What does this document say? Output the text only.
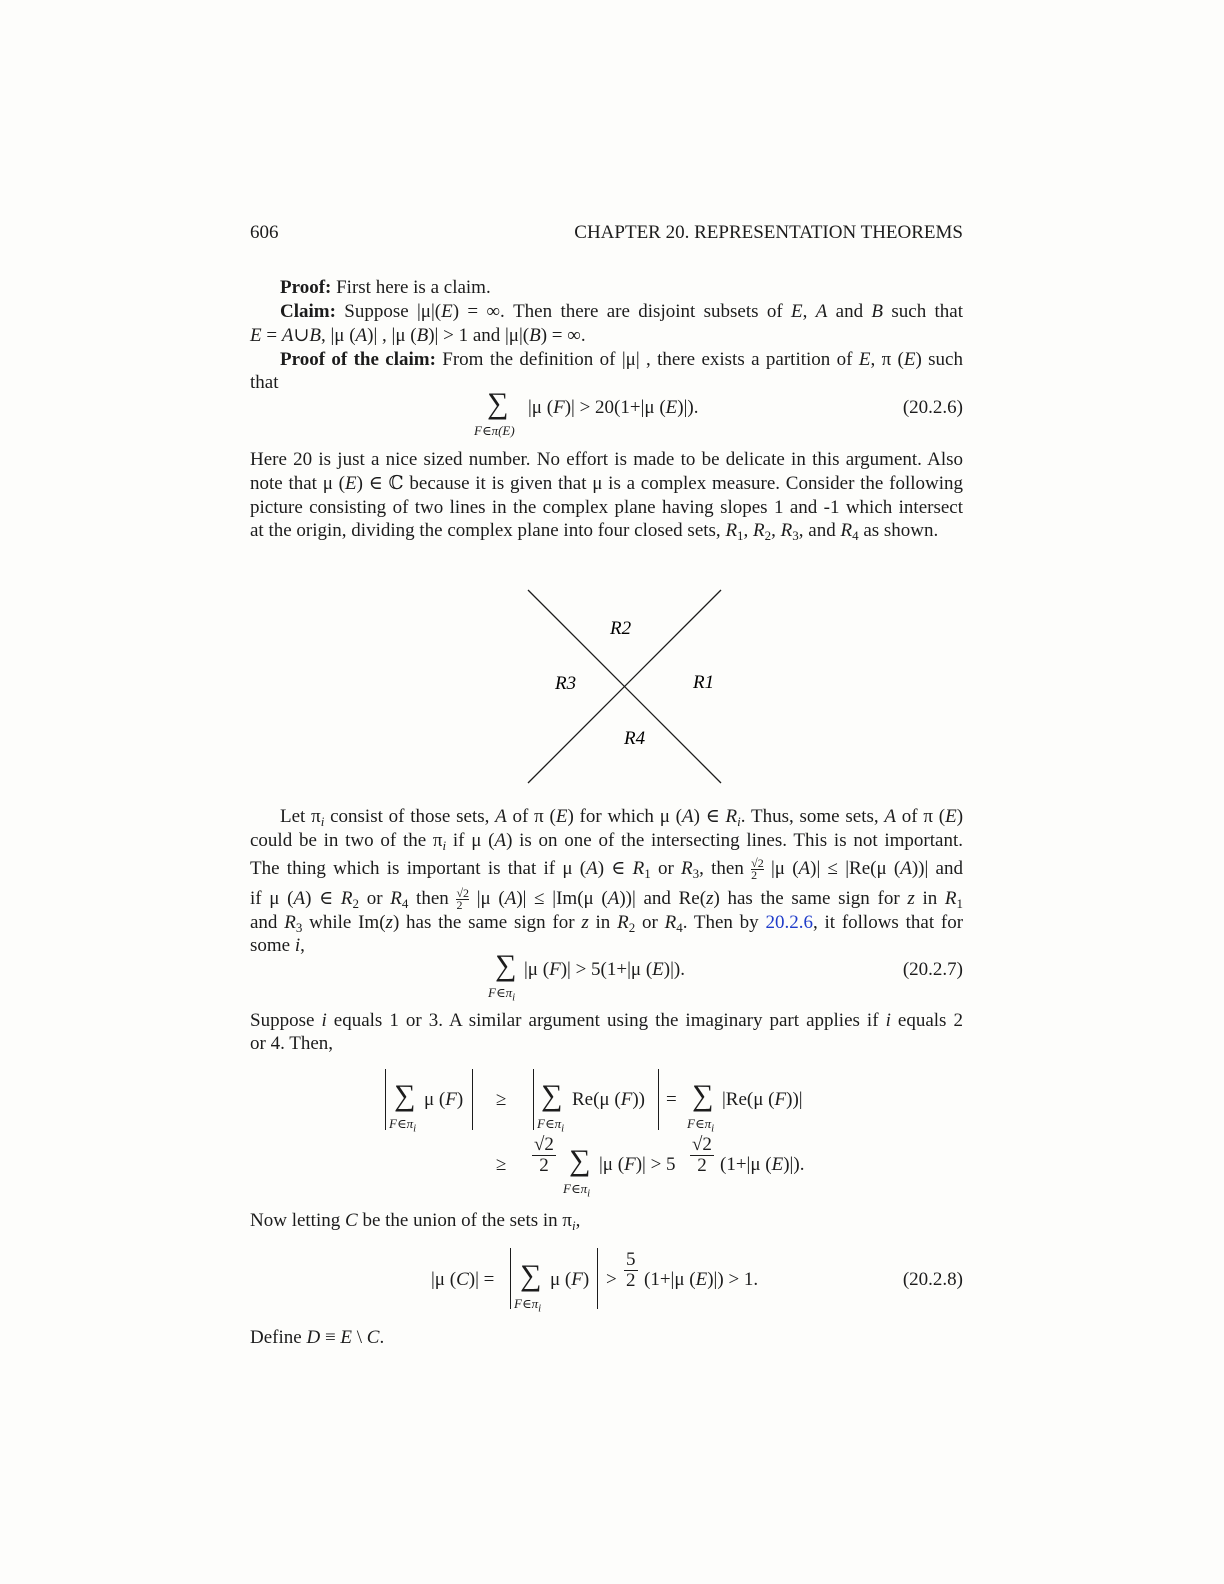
606	CHAPTER 20. REPRESENTATION THEOREMS
Proof: First here is a claim.
Claim: Suppose |μ|(E) = ∞. Then there are disjoint subsets of E, A and B such that
E = A∪B, |μ (A)| , |μ (B)| > 1 and |μ|(B) = ∞.
Proof of the claim: From the definition of |μ| , there exists a partition of E, π (E) such
that
∑
F∈π(E)
|μ (F)| > 20(1+|μ (E)|).	(20.2.6)
Here 20 is just a nice sized number. No effort is made to be delicate in this argument. Also
note that μ (E) ∈ ℂ because it is given that μ is a complex measure. Consider the following
picture consisting of two lines in the complex plane having slopes 1 and -1 which intersect
at the origin, dividing the complex plane into four closed sets, $R_1$, $R_2$, $R_3$, and $R_4$ as shown.
R2
R3	R1
R4
Let $\pi_i$ consist of those sets, A of π (E) for which μ (A) ∈ $R_i$. Thus, some sets, A of π (E)
could be in two of the $\pi_i$ if μ (A) is on one of the intersecting lines. This is not important.
The thing which is important is that if μ (A) ∈ $R_1$ or $R_3$, then $\frac{√2}{2} |\mu$ (A)| ≤ |Re(μ (A))| and
if μ (A) ∈ $R_2$ or $R_4$ then $\frac{√2}{2} |\mu$ (A)| ≤ |Im(μ (A))| and Re(z) has the same sign for z in $R_1$
and $R_3$ while Im(z) has the same sign for z in $R_2$ or $R_4$. Then by 20.2.6, it follows that for
some i,
∑
$F\in\pi_i$
|μ (F)| > 5(1+|μ (E)|).	(20.2.7)
Suppose i equals 1 or 3. A similar argument using the imaginary part applies if i equals 2
or 4. Then,
∑ μ (F)
$F\in\pi_i$
≥ ∑ Re(μ (F))
$F\in\pi_i$
= ∑ |Re(μ (F))|
$F\in\pi_i$
≥ $\frac{√2}{2}$ ∑
$F\in\pi_i$
|μ $(F)| > 5 \frac{√2}{2} (1+|\mu$ (E)|).
Now letting C be the union of the sets in $\pi_i$,
|μ (C)| = ∑
$F\in\pi_i$
μ $(F) > \frac{5}{2} (1+|\mu$ (E)|) > 1.	(20.2.8)
Define D ≡ E \ C.
